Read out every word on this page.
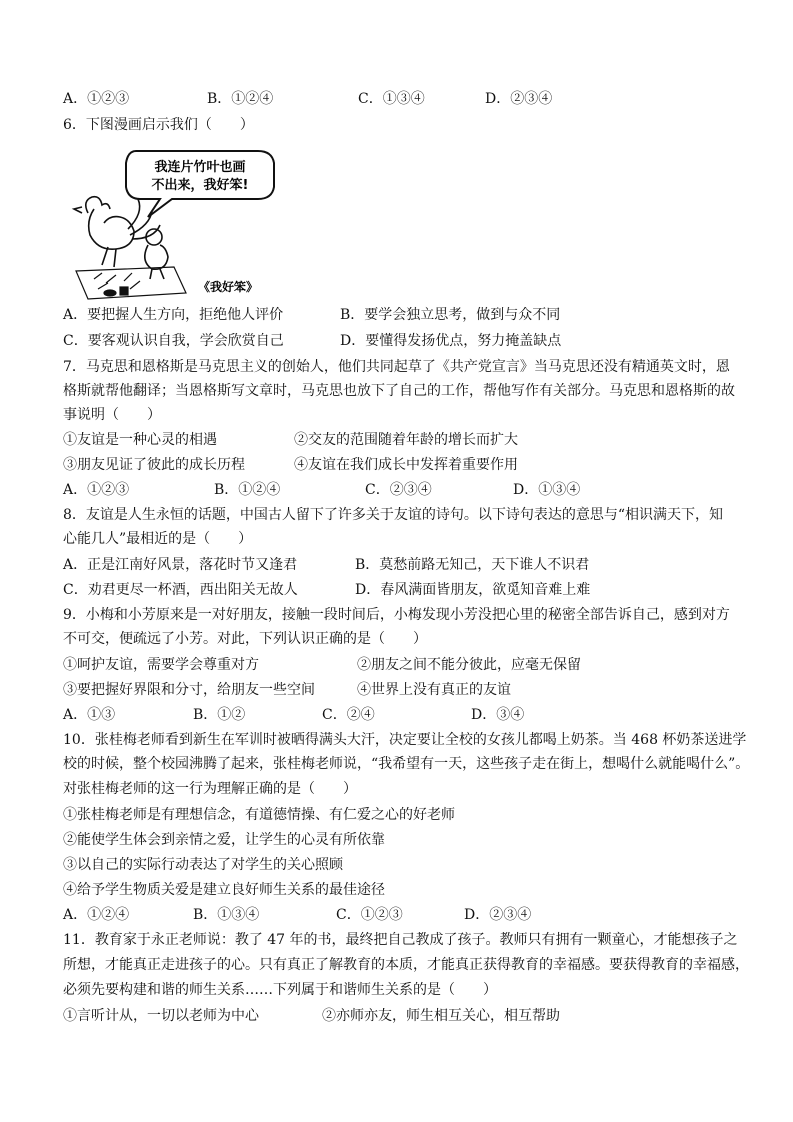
A．①②③	B．①②④	C．①③④	D．②③④
6．下图漫画启示我们（　　）
我连片竹叶也画
不出来，我好笨!
《我好笨》
A．要把握人生方向，拒绝他人评价	B．要学会独立思考，做到与众不同
C．要客观认识自我，学会欣赏自己	D．要懂得发扬优点，努力掩盖缺点
7．马克思和恩格斯是马克思主义的创始人，他们共同起草了《共产党宣言》当马克思还没有精通英文时，恩
格斯就帮他翻译；当恩格斯写文章时，马克思也放下了自己的工作，帮他写作有关部分。马克思和恩格斯的故
事说明（　　）
①友谊是一种心灵的相遇	②交友的范围随着年龄的增长而扩大
③朋友见证了彼此的成长历程	④友谊在我们成长中发挥着重要作用
A．①②③	B．①②④	C．②③④	D．①③④
8．友谊是人生永恒的话题，中国古人留下了许多关于友谊的诗句。以下诗句表达的意思与“相识满天下，知
心能几人”最相近的是（　　）
A．正是江南好风景，落花时节又逢君	B．莫愁前路无知己，天下谁人不识君
C．劝君更尽一杯酒，西出阳关无故人	D．春风满面皆朋友，欲觅知音难上难
9．小梅和小芳原来是一对好朋友，接触一段时间后，小梅发现小芳没把心里的秘密全部告诉自己，感到对方
不可交，便疏远了小芳。对此，下列认识正确的是（　　）
①呵护友谊，需要学会尊重对方	②朋友之间不能分彼此，应毫无保留
③要把握好界限和分寸，给朋友一些空间	④世界上没有真正的友谊
A．①③	B．①②	C．②④	D．③④
10．张桂梅老师看到新生在军训时被晒得满头大汗，决定要让全校的女孩儿都喝上奶茶。当 468 杯奶茶送进学
校的时候，整个校园沸腾了起来，张桂梅老师说，“我希望有一天，这些孩子走在街上，想喝什么就能喝什么”。
对张桂梅老师的这一行为理解正确的是（　　）
①张桂梅老师是有理想信念，有道德情操、有仁爱之心的好老师
②能使学生体会到亲情之爱，让学生的心灵有所依靠
③以自己的实际行动表达了对学生的关心照顾
④给予学生物质关爱是建立良好师生关系的最佳途径
A．①②④	B．①③④	C．①②③	D．②③④
11．教育家于永正老师说：教了 47 年的书，最终把自己教成了孩子。教师只有拥有一颗童心，才能想孩子之
所想，才能真正走进孩子的心。只有真正了解教育的本质，才能真正获得教育的幸福感。要获得教育的幸福感，
必须先要构建和谐的师生关系……下列属于和谐师生关系的是（　　）
①言听计从，一切以老师为中心	②亦师亦友，师生相互关心，相互帮助
